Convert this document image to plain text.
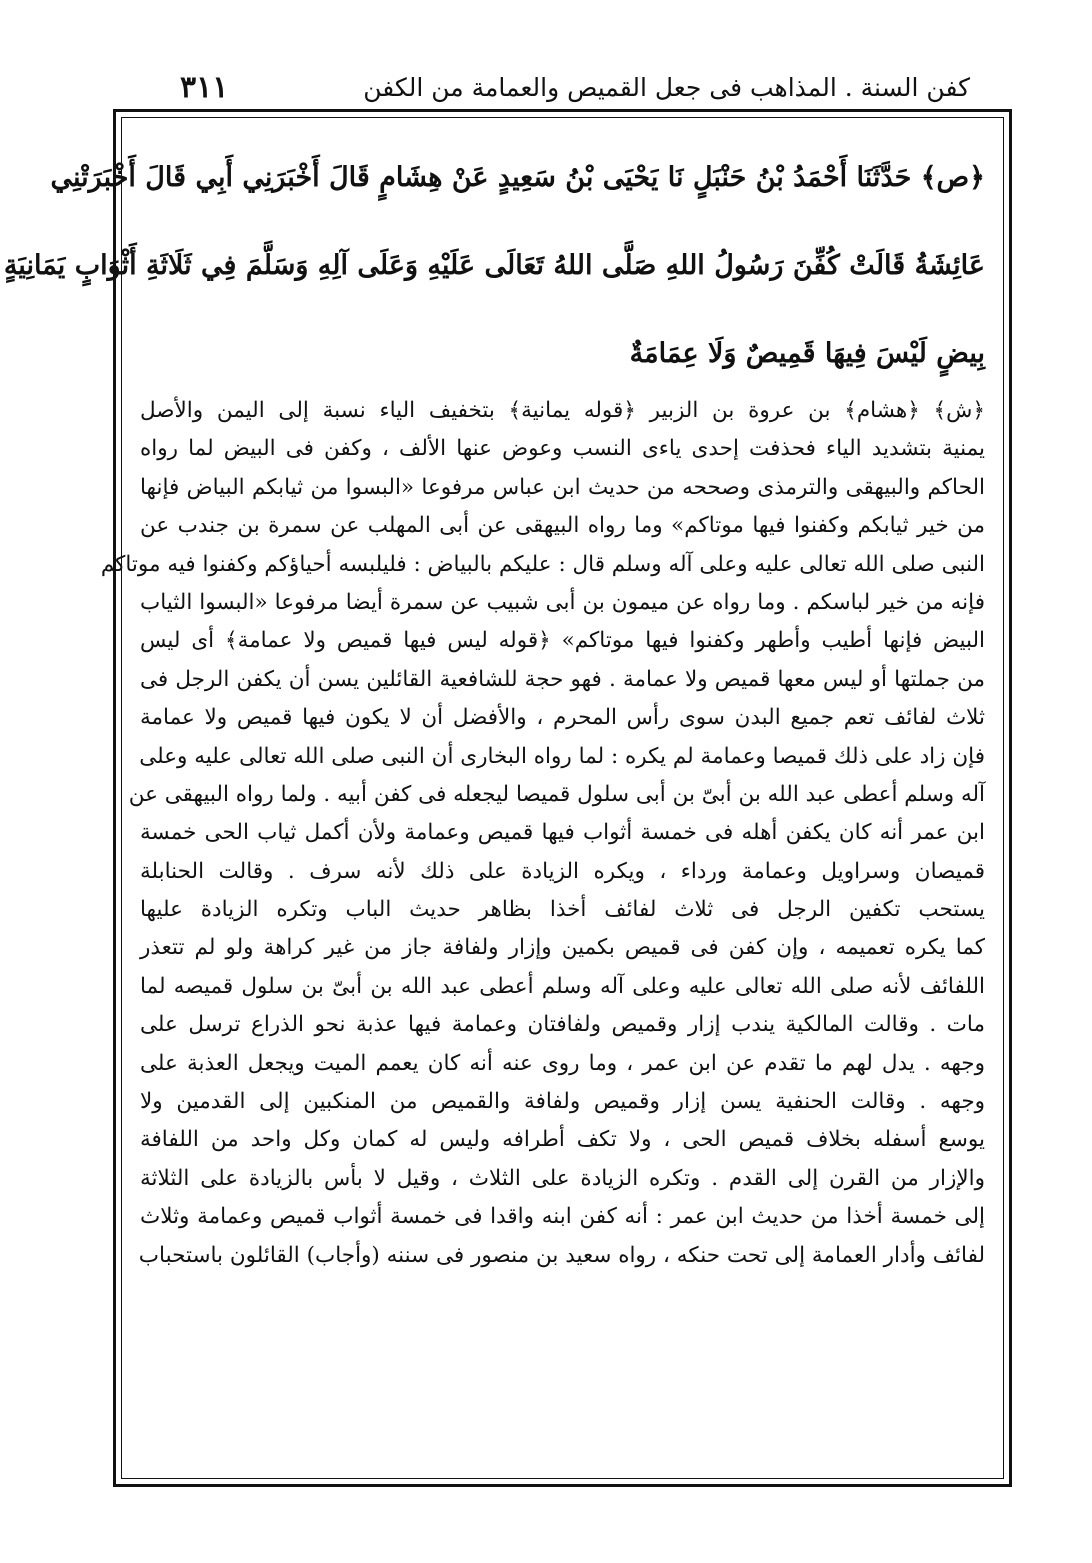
٣١١	كفن السنة . المذاهب فى جعل القميص والعمامة من الكفن
﴿ص﴾ حَدَّثَنَا أَحْمَدُ بْنُ حَنْبَلٍ نَا يَحْيَى بْنُ سَعِيدٍ عَنْ هِشَامٍ قَالَ أَخْبَرَنِي أَبِي قَالَ أَخْبَرَتْنِي
عَائِشَةُ قَالَتْ كُفِّنَ رَسُولُ اللهِ صَلَّى اللهُ تَعَالَى عَلَيْهِ وَعَلَى آلِهِ وَسَلَّمَ فِي ثَلَاثَةِ أَثْوَابٍ يَمَانِيَةٍ
بِيضٍ لَيْسَ فِيهَا قَمِيصٌ وَلَا عِمَامَةٌ
﴿ش﴾ ﴿هشام﴾ بن عروة بن الزبير ﴿قوله يمانية﴾ بتخفيف الياء نسبة إلى اليمن والأصل
يمنية بتشديد الياء فحذفت إحدى ياءى النسب وعوض عنها الألف ، وكفن فى البيض لما رواه
الحاكم والبيهقى والترمذى وصححه من حديث ابن عباس مرفوعا «البسوا من ثيابكم البياض فإنها
من خير ثيابكم وكفنوا فيها موتاكم» وما رواه البيهقى عن أبى المهلب عن سمرة بن جندب عن
النبى صلى الله تعالى عليه وعلى آله وسلم قال : عليكم بالبياض : فليلبسه أحياؤكم وكفنوا فيه موتاكم
فإنه من خير لباسكم . وما رواه عن ميمون بن أبى شبيب عن سمرة أيضا مرفوعا «البسوا الثياب
البيض فإنها أطيب وأطهر وكفنوا فيها موتاكم» ﴿قوله ليس فيها قميص ولا عمامة﴾ أى ليس
من جملتها أو ليس معها قميص ولا عمامة . فهو حجة للشافعية القائلين يسن أن يكفن الرجل فى
ثلاث لفائف تعم جميع البدن سوى رأس المحرم ، والأفضل أن لا يكون فيها قميص ولا عمامة
فإن زاد على ذلك قميصا وعمامة لم يكره : لما رواه البخارى أن النبى صلى الله تعالى عليه وعلى
آله وسلم أعطى عبد الله بن أبىّ بن أبى سلول قميصا ليجعله فى كفن أبيه . ولما رواه البيهقى عن
ابن عمر أنه كان يكفن أهله فى خمسة أثواب فيها قميص وعمامة ولأن أكمل ثياب الحى خمسة
قميصان وسراويل وعمامة ورداء ، ويكره الزيادة على ذلك لأنه سرف . وقالت الحنابلة
يستحب تكفين الرجل فى ثلاث لفائف أخذا بظاهر حديث الباب وتكره الزيادة عليها
كما يكره تعميمه ، وإن كفن فى قميص بكمين وإزار ولفافة جاز من غير كراهة ولو لم تتعذر
اللفائف لأنه صلى الله تعالى عليه وعلى آله وسلم أعطى عبد الله بن أبىّ بن سلول قميصه لما
مات . وقالت المالكية يندب إزار وقميص ولفافتان وعمامة فيها عذبة نحو الذراع ترسل على
وجهه . يدل لهم ما تقدم عن ابن عمر ، وما روى عنه أنه كان يعمم الميت ويجعل العذبة على
وجهه . وقالت الحنفية يسن إزار وقميص ولفافة والقميص من المنكبين إلى القدمين ولا
يوسع أسفله بخلاف قميص الحى ، ولا تكف أطرافه وليس له كمان وكل واحد من اللفافة
والإزار من القرن إلى القدم . وتكره الزيادة على الثلاث ، وقيل لا بأس بالزيادة على الثلاثة
إلى خمسة أخذا من حديث ابن عمر : أنه كفن ابنه واقدا فى خمسة أثواب قميص وعمامة وثلاث
لفائف وأدار العمامة إلى تحت حنكه ، رواه سعيد بن منصور فى سننه (وأجاب) القائلون باستحباب
